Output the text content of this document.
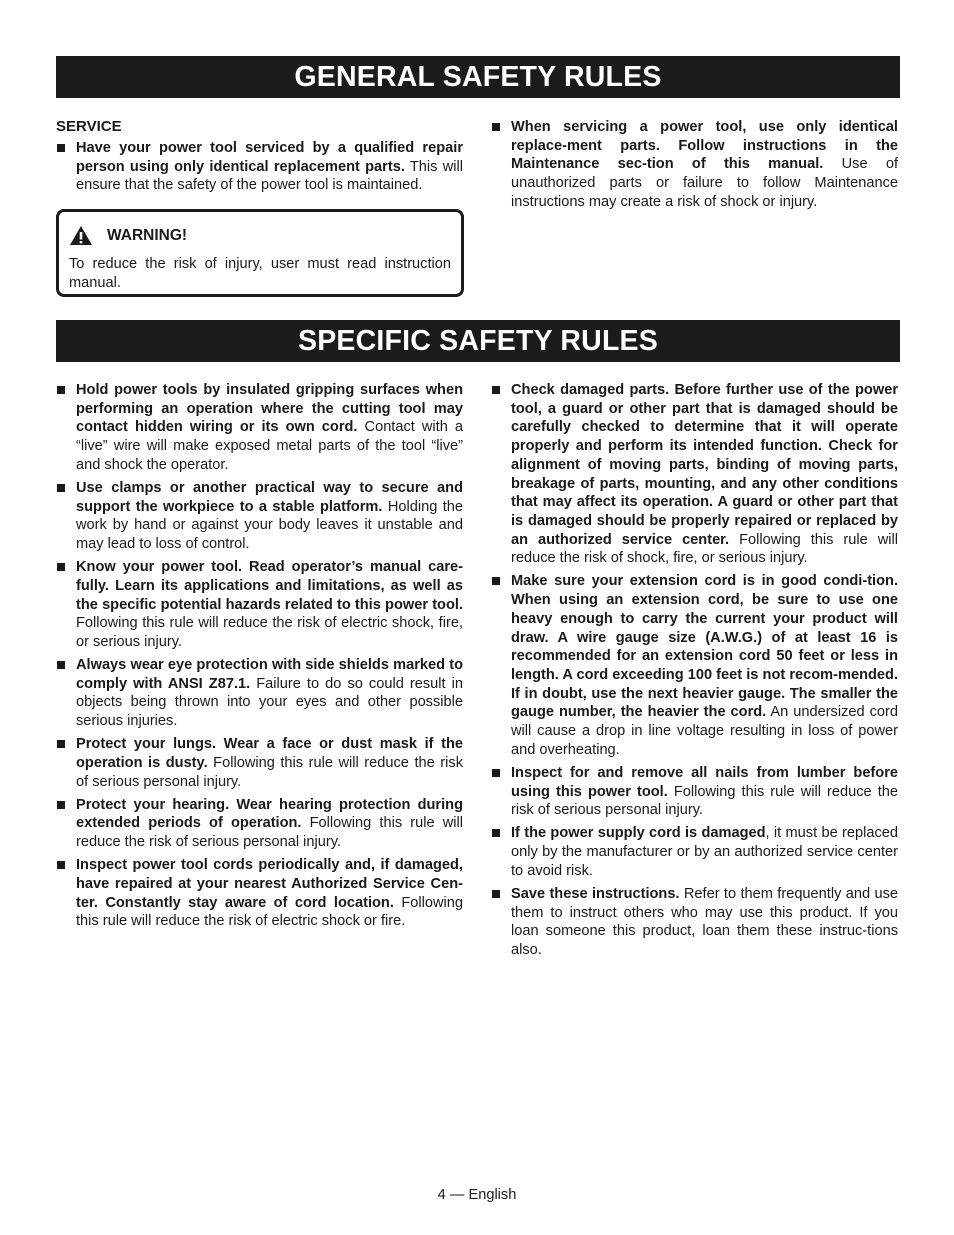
GENERAL SAFETY RULES

SERVICE

Have your power tool serviced by a qualified repair person using only identical replacement parts. This will ensure that the safety of the power tool is maintained.

WARNING!
To reduce the risk of injury, user must read instruction manual.

When servicing a power tool, use only identical replace-ment parts. Follow instructions in the Maintenance sec-tion of this manual. Use of unauthorized parts or failure to follow Maintenance instructions may create a risk of shock or injury.

SPECIFIC SAFETY RULES

Hold power tools by insulated gripping surfaces when performing an operation where the cutting tool may contact hidden wiring or its own cord. Contact with a “live” wire will make exposed metal parts of the tool “live” and shock the operator.

Use clamps or another practical way to secure and support the workpiece to a stable platform. Holding the work by hand or against your body leaves it unstable and may lead to loss of control.

Know your power tool. Read operator’s manual care-fully. Learn its applications and limitations, as well as the specific potential hazards related to this power tool. Following this rule will reduce the risk of electric shock, fire, or serious injury.

Always wear eye protection with side shields marked to comply with ANSI Z87.1. Failure to do so could result in objects being thrown into your eyes and other possible serious injuries.

Protect your lungs. Wear a face or dust mask if the operation is dusty. Following this rule will reduce the risk of serious personal injury.

Protect your hearing. Wear hearing protection during extended periods of operation. Following this rule will reduce the risk of serious personal injury.

Inspect power tool cords periodically and, if damaged, have repaired at your nearest Authorized Service Cen-ter. Constantly stay aware of cord location. Following this rule will reduce the risk of electric shock or fire.

Check damaged parts. Before further use of the power tool, a guard or other part that is damaged should be carefully checked to determine that it will operate properly and perform its intended function. Check for alignment of moving parts, binding of moving parts, breakage of parts, mounting, and any other conditions that may affect its operation. A guard or other part that is damaged should be properly repaired or replaced by an authorized service center. Following this rule will reduce the risk of shock, fire, or serious injury.

Make sure your extension cord is in good condi-tion. When using an extension cord, be sure to use one heavy enough to carry the current your product will draw. A wire gauge size (A.W.G.) of at least 16 is recommended for an extension cord 50 feet or less in length. A cord exceeding 100 feet is not recom-mended. If in doubt, use the next heavier gauge. The smaller the gauge number, the heavier the cord. An undersized cord will cause a drop in line voltage resulting in loss of power and overheating.

Inspect for and remove all nails from lumber before using this power tool. Following this rule will reduce the risk of serious personal injury.

If the power supply cord is damaged, it must be replaced only by the manufacturer or by an authorized service center to avoid risk.

Save these instructions. Refer to them frequently and use them to instruct others who may use this product. If you loan someone this product, loan them these instruc-tions also.

4 — English
